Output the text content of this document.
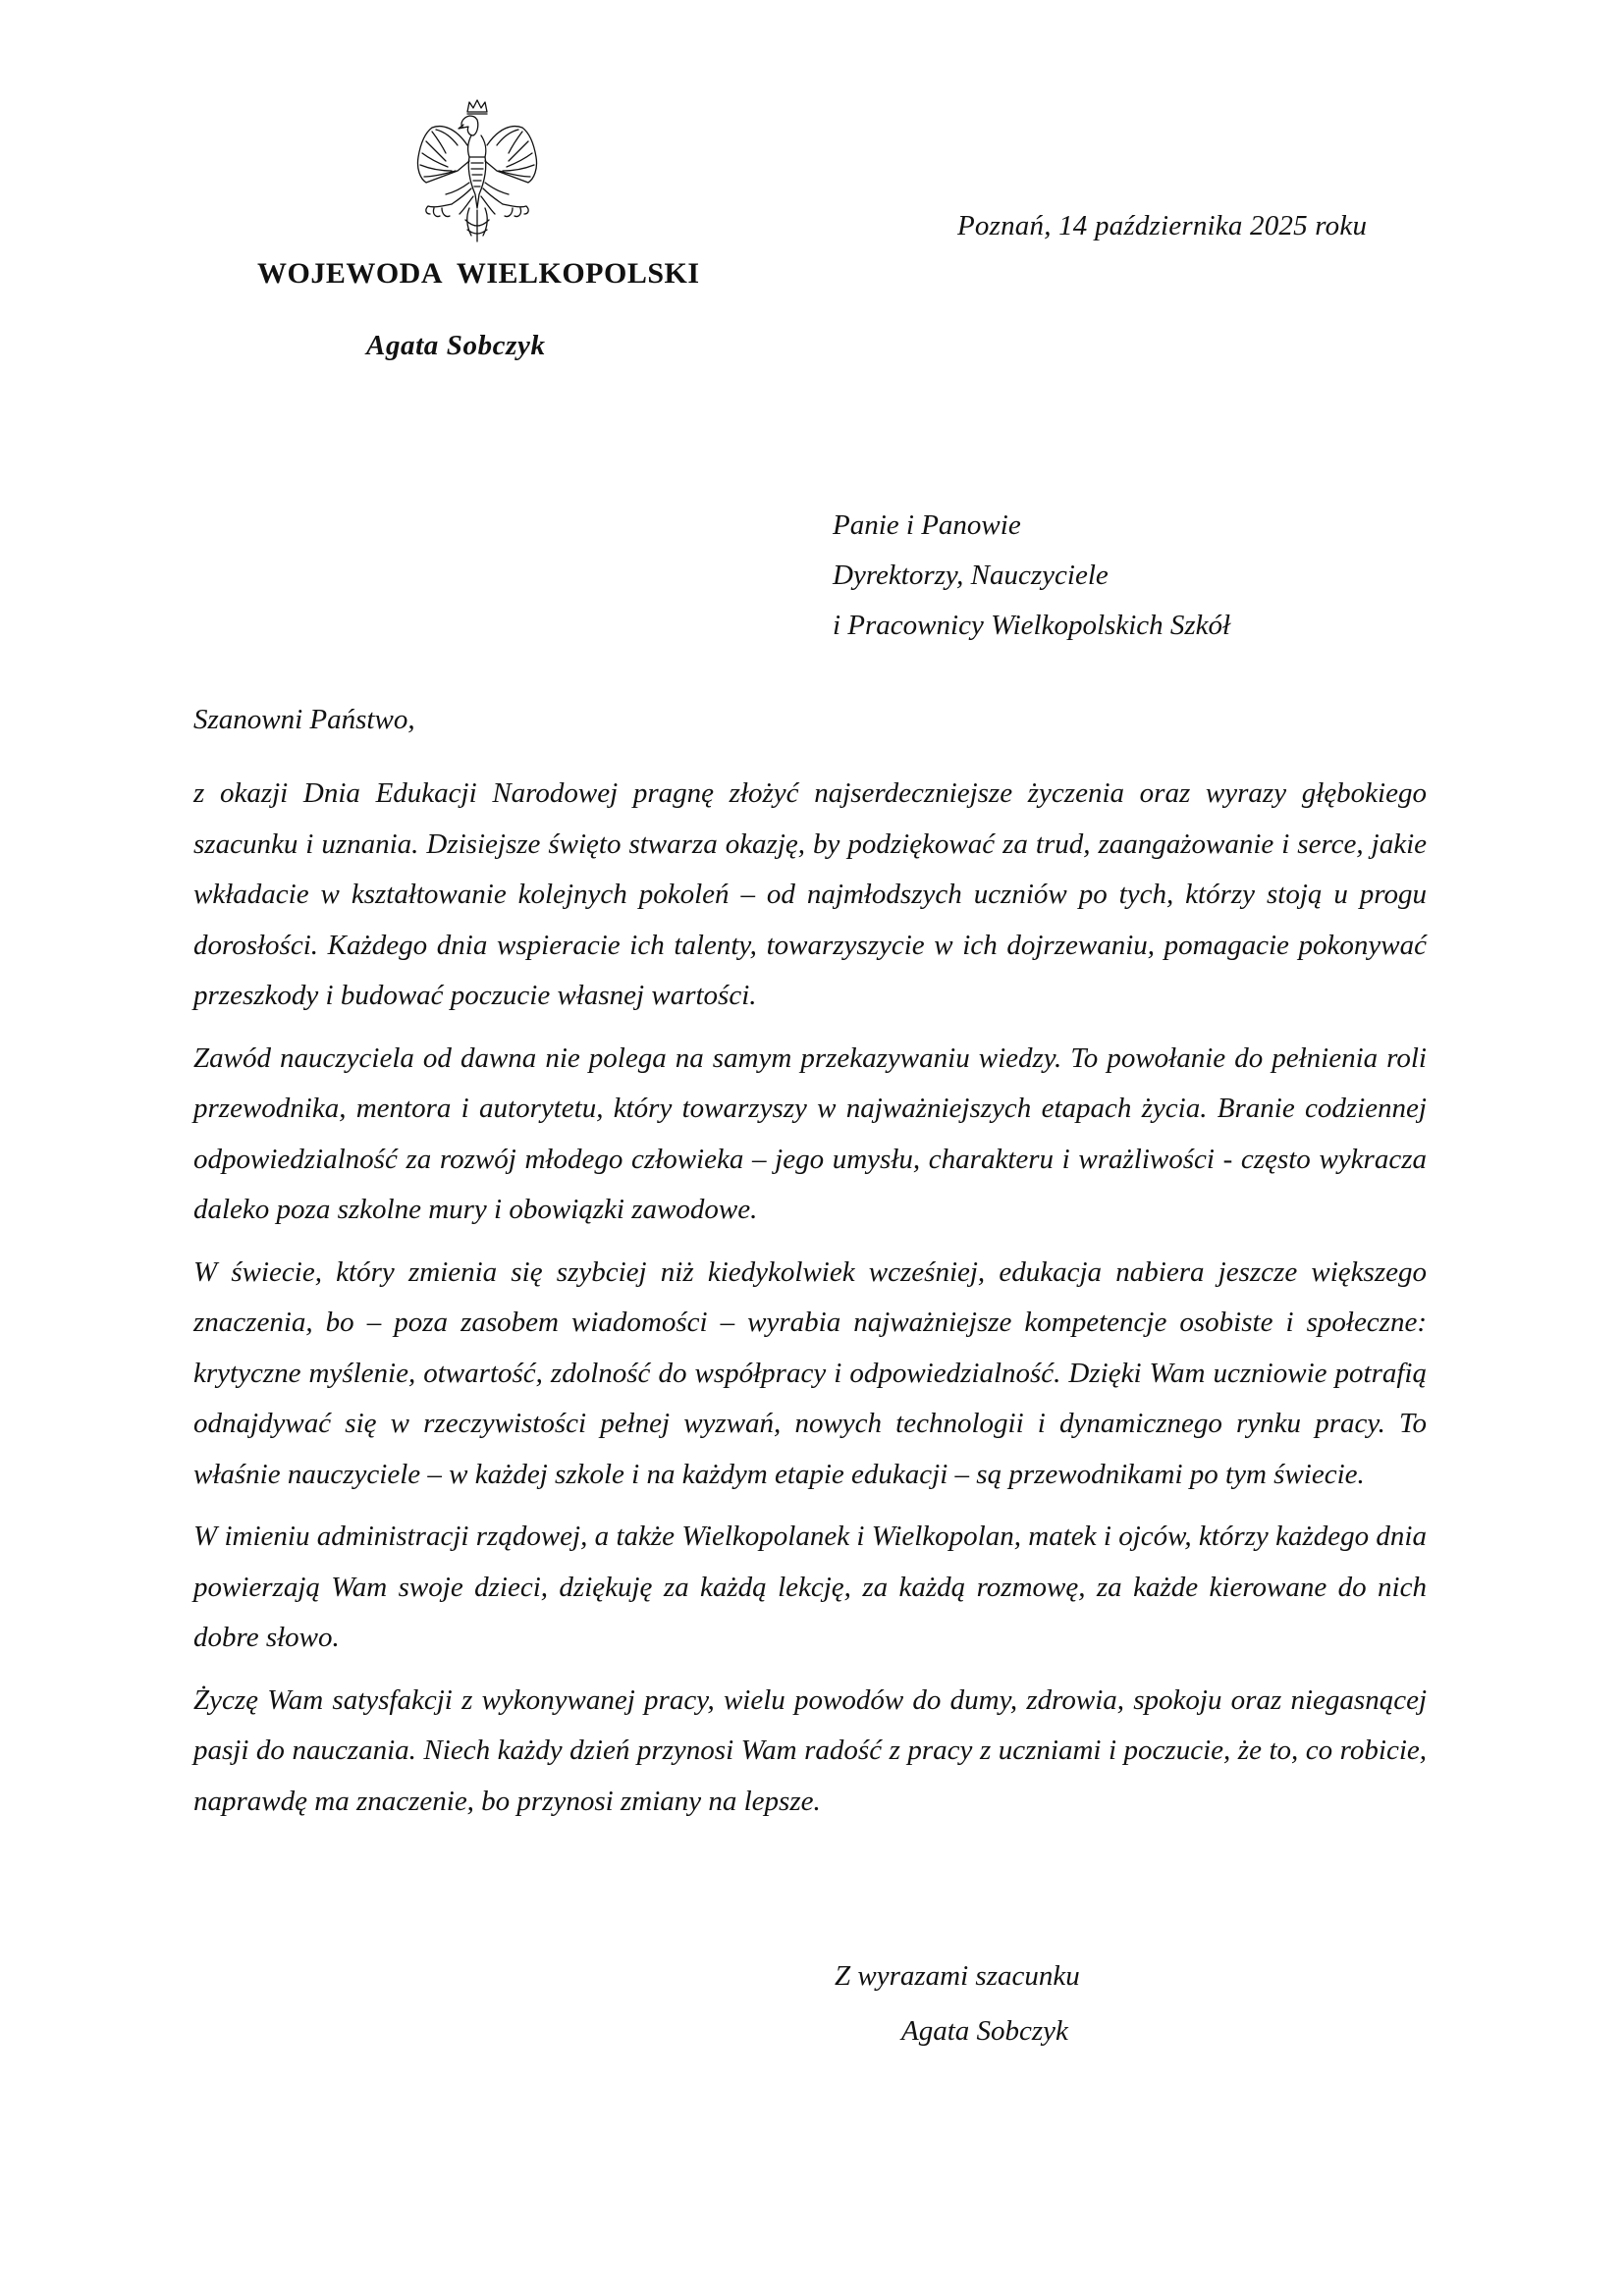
WOJEWODA WIELKOPOLSKI
Agata Sobczyk
Poznań, 14 października 2025 roku
Panie i Panowie
Dyrektorzy, Nauczyciele
i Pracownicy Wielkopolskich Szkół
Szanowni Państwo,

z okazji Dnia Edukacji Narodowej pragnę złożyć najserdeczniejsze życzenia oraz wyrazy głębokiego szacunku i uznania. Dzisiejsze święto stwarza okazję, by podziękować za trud, zaangażowanie i serce, jakie wkładacie w kształtowanie kolejnych pokoleń – od najmłodszych uczniów po tych, którzy stoją u progu dorosłości. Każdego dnia wspieracie ich talenty, towarzyszycie w ich dojrzewaniu, pomagacie pokonywać przeszkody i budować poczucie własnej wartości.

Zawód nauczyciela od dawna nie polega na samym przekazywaniu wiedzy. To powołanie do pełnienia roli przewodnika, mentora i autorytetu, który towarzyszy w najważniejszych etapach życia. Branie codziennej odpowiedzialność za rozwój młodego człowieka – jego umysłu, charakteru i wrażliwości - często wykracza daleko poza szkolne mury i obowiązki zawodowe.

W świecie, który zmienia się szybciej niż kiedykolwiek wcześniej, edukacja nabiera jeszcze większego znaczenia, bo – poza zasobem wiadomości – wyrabia najważniejsze kompetencje osobiste i społeczne: krytyczne myślenie, otwartość, zdolność do współpracy i odpowiedzialność. Dzięki Wam uczniowie potrafią odnajdywać się w rzeczywistości pełnej wyzwań, nowych technologii i dynamicznego rynku pracy. To właśnie nauczyciele – w każdej szkole i na każdym etapie edukacji – są przewodnikami po tym świecie.

W imieniu administracji rządowej, a także Wielkopolanek i Wielkopolan, matek i ojców, którzy każdego dnia powierzają Wam swoje dzieci, dziękuję za każdą lekcję, za każdą rozmowę, za każde kierowane do nich dobre słowo.

Życzę Wam satysfakcji z wykonywanej pracy, wielu powodów do dumy, zdrowia, spokoju oraz niegasnącej pasji do nauczania. Niech każdy dzień przynosi Wam radość z pracy z uczniami i poczucie, że to, co robicie, naprawdę ma znaczenie, bo przynosi zmiany na lepsze.

Z wyrazami szacunku
Agata Sobczyk
